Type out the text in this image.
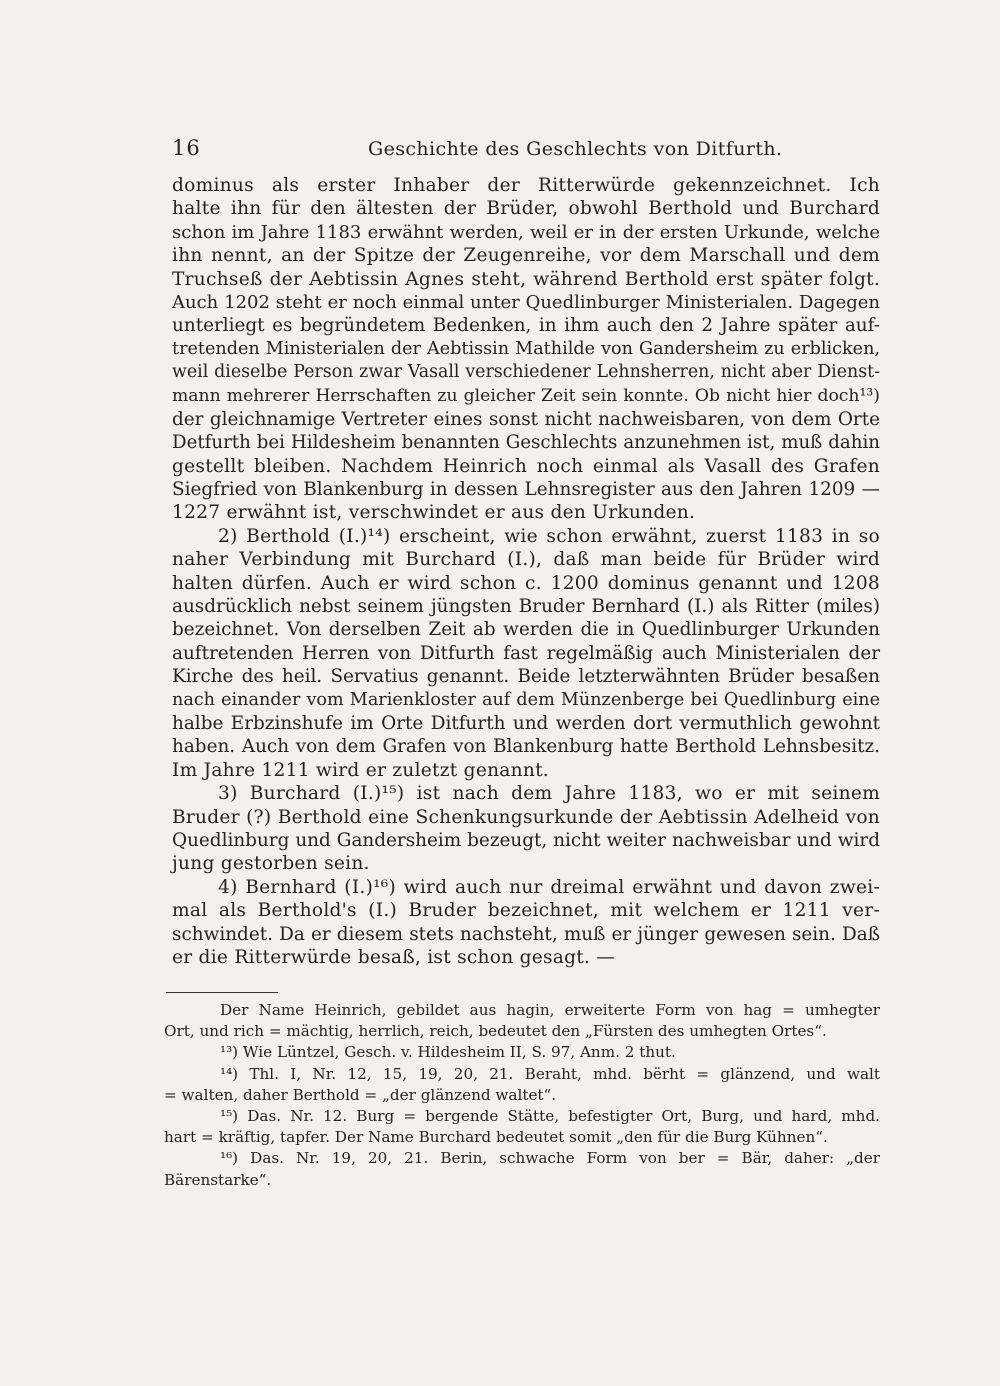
16	Geschichte des Geschlechts von Ditfurth.
dominus als erster Inhaber der Ritterwürde gekennzeichnet. Ich
halte ihn für den ältesten der Brüder, obwohl Berthold und Burchard
schon im Jahre 1183 erwähnt werden, weil er in der ersten Urkunde, welche
ihn nennt, an der Spitze der Zeugenreihe, vor dem Marschall und dem
Truchseß der Aebtissin Agnes steht, während Berthold erst später folgt.
Auch 1202 steht er noch einmal unter Quedlinburger Ministerialen. Dagegen
unterliegt es begründetem Bedenken, in ihm auch den 2 Jahre später auf-
tretenden Ministerialen der Aebtissin Mathilde von Gandersheim zu erblicken,
weil dieselbe Person zwar Vasall verschiedener Lehnsherren, nicht aber Dienst-
mann mehrerer Herrschaften zu gleicher Zeit sein konnte. Ob nicht hier doch¹³)
der gleichnamige Vertreter eines sonst nicht nachweisbaren, von dem Orte
Detfurth bei Hildesheim benannten Geschlechts anzunehmen ist, muß dahin
gestellt bleiben. Nachdem Heinrich noch einmal als Vasall des Grafen
Siegfried von Blankenburg in dessen Lehnsregister aus den Jahren 1209 —
1227 erwähnt ist, verschwindet er aus den Urkunden.
2) Berthold (I.)¹⁴) erscheint, wie schon erwähnt, zuerst 1183 in so
naher Verbindung mit Burchard (I.), daß man beide für Brüder wird
halten dürfen. Auch er wird schon c. 1200 dominus genannt und 1208
ausdrücklich nebst seinem jüngsten Bruder Bernhard (I.) als Ritter (miles)
bezeichnet. Von derselben Zeit ab werden die in Quedlinburger Urkunden
auftretenden Herren von Ditfurth fast regelmäßig auch Ministerialen der
Kirche des heil. Servatius genannt. Beide letzterwähnten Brüder besaßen
nach einander vom Marienkloster auf dem Münzenberge bei Quedlinburg eine
halbe Erbzinshufe im Orte Ditfurth und werden dort vermuthlich gewohnt
haben. Auch von dem Grafen von Blankenburg hatte Berthold Lehnsbesitz.
Im Jahre 1211 wird er zuletzt genannt.
3) Burchard (I.)¹⁵) ist nach dem Jahre 1183, wo er mit seinem
Bruder (?) Berthold eine Schenkungsurkunde der Aebtissin Adelheid von
Quedlinburg und Gandersheim bezeugt, nicht weiter nachweisbar und wird
jung gestorben sein.
4) Bernhard (I.)¹⁶) wird auch nur dreimal erwähnt und davon zwei-
mal als Berthold's (I.) Bruder bezeichnet, mit welchem er 1211 ver-
schwindet. Da er diesem stets nachsteht, muß er jünger gewesen sein. Daß
er die Ritterwürde besaß, ist schon gesagt. —
Der Name Heinrich, gebildet aus hagin, erweiterte Form von hag = umhegter
Ort, und rich = mächtig, herrlich, reich, bedeutet den „Fürsten des umhegten Ortes“.
¹³) Wie Lüntzel, Gesch. v. Hildesheim II, S. 97, Anm. 2 thut.
¹⁴) Thl. I, Nr. 12, 15, 19, 20, 21. Beraht, mhd. bërht = glänzend, und walt
= walten, daher Berthold = „der glänzend waltet“.
¹⁵) Das. Nr. 12. Burg = bergende Stätte, befestigter Ort, Burg, und hard, mhd.
hart = kräftig, tapfer. Der Name Burchard bedeutet somit „den für die Burg Kühnen“.
¹⁶) Das. Nr. 19, 20, 21. Berin, schwache Form von ber = Bär, daher: „der
Bärenstarke“.
